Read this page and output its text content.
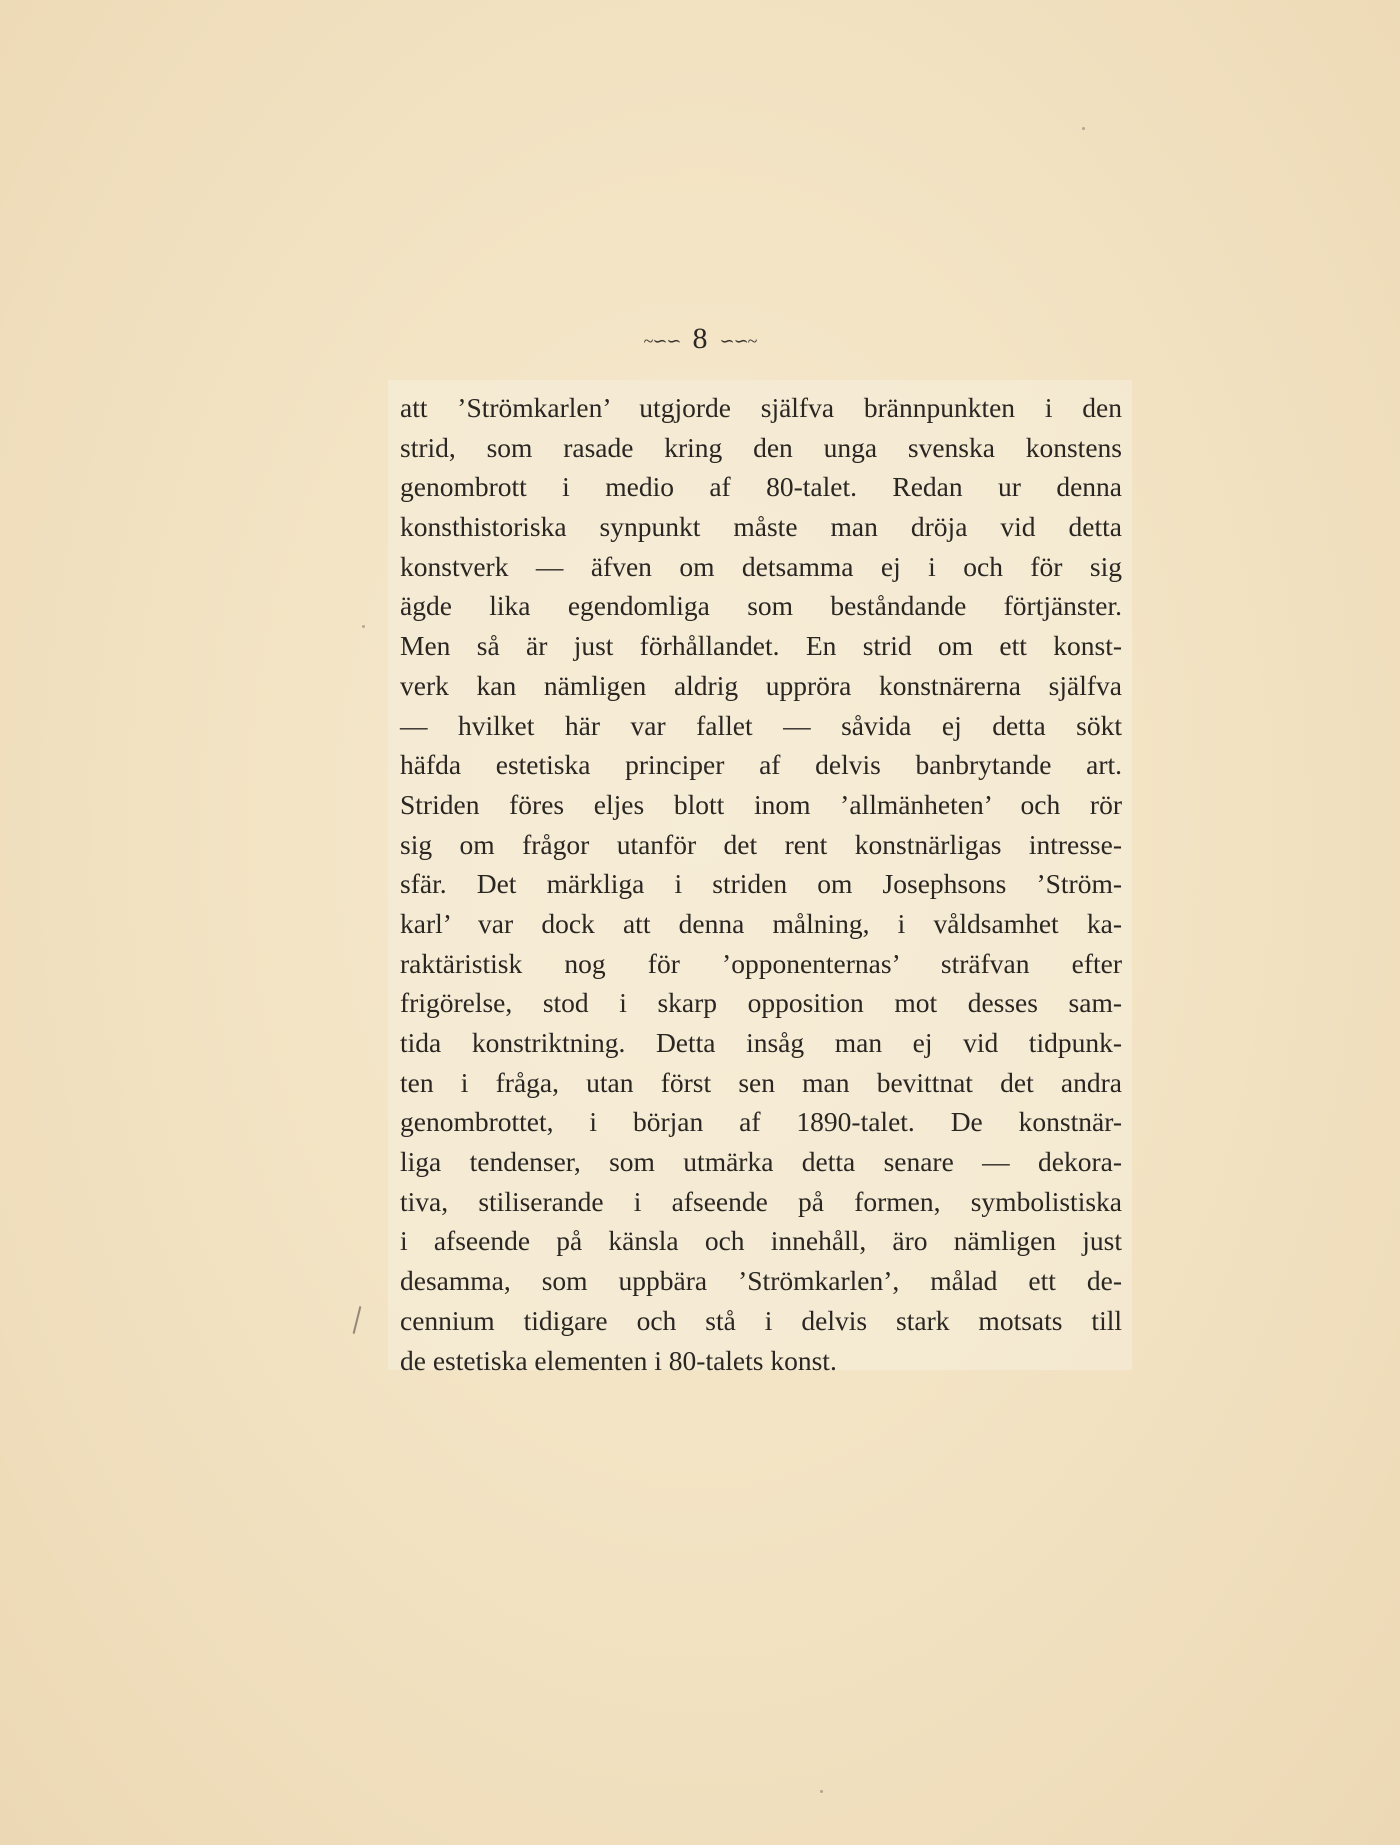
~∽∽ 8 ∽∽~
att ’Strömkarlen’ utgjorde själfva brännpunkten i den
strid, som rasade kring den unga svenska konstens
genombrott i medio af 80-talet. Redan ur denna
konsthistoriska synpunkt måste man dröja vid detta
konstverk — äfven om detsamma ej i och för sig
ägde lika egendomliga som beståndande förtjänster.
Men så är just förhållandet. En strid om ett konst-
verk kan nämligen aldrig uppröra konstnärerna själfva
— hvilket här var fallet — såvida ej detta sökt
häfda estetiska principer af delvis banbrytande art.
Striden föres eljes blott inom ’allmänheten’ och rör
sig om frågor utanför det rent konstnärligas intresse-
sfär. Det märkliga i striden om Josephsons ’Ström-
karl’ var dock att denna målning, i våldsamhet ka-
raktäristisk nog för ’opponenternas’ sträfvan efter
frigörelse, stod i skarp opposition mot desses sam-
tida konstriktning. Detta insåg man ej vid tidpunk-
ten i fråga, utan först sen man bevittnat det andra
genombrottet, i början af 1890-talet. De konstnär-
liga tendenser, som utmärka detta senare — dekora-
tiva, stiliserande i afseende på formen, symbolistiska
i afseende på känsla och innehåll, äro nämligen just
desamma, som uppbära ’Strömkarlen’, målad ett de-
cennium tidigare och stå i delvis stark motsats till
de estetiska elementen i 80-talets konst.
